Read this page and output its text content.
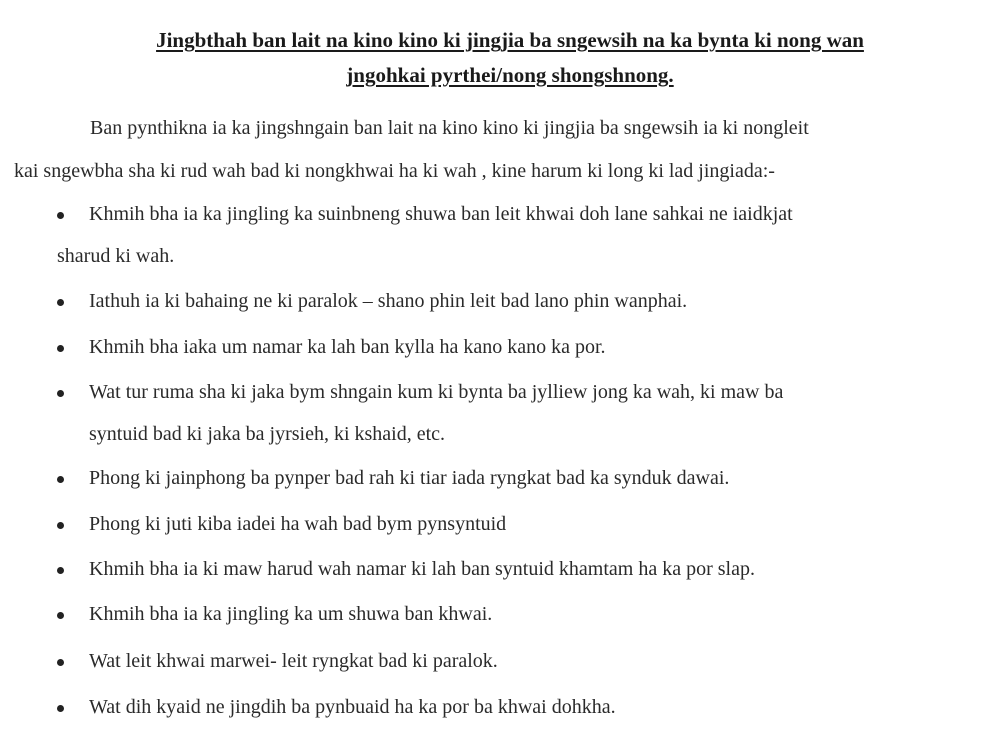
Jingbthah ban lait na kino kino ki jingjia ba sngewsih na ka bynta ki nong wan
jngohkai pyrthei/nong shongshnong.

Ban pynthikna ia ka jingshngain ban lait na kino kino ki jingjia ba sngewsih ia ki nongleit

kai sngewbha sha ki rud wah bad ki nongkhwai ha ki wah , kine harum ki long ki lad jingiada:-

Khmih bha ia ka jingling ka suinbneng shuwa ban leit khwai doh lane sahkai ne iaidkjat
sharud ki wah.
Iathuh ia ki bahaing ne ki paralok – shano phin leit bad lano phin wanphai.
Khmih bha iaka um namar ka lah ban kylla ha kano kano ka por.
Wat tur ruma sha ki jaka bym shngain kum ki bynta ba jylliew jong ka wah, ki maw ba
syntuid bad ki jaka ba jyrsieh, ki kshaid, etc.
Phong ki jainphong ba pynper bad rah ki tiar iada ryngkat bad ka synduk dawai.
Phong ki juti kiba iadei ha wah bad bym pynsyntuid
Khmih bha ia ki maw harud wah namar ki lah ban syntuid khamtam ha ka por slap.
Khmih bha ia ka jingling ka um shuwa ban khwai.
Wat leit khwai marwei- leit ryngkat bad ki paralok.
Wat dih kyaid ne jingdih ba pynbuaid ha ka por ba khwai dohkha.
